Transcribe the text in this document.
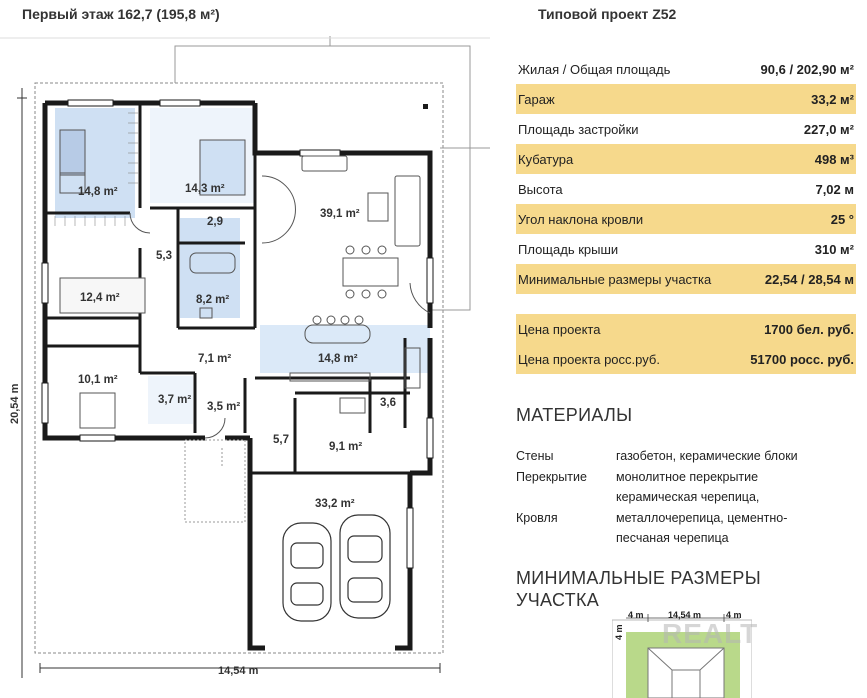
Первый этаж 162,7 (195,8 м²)
14,8 m²	14,3 m²
2,9
5,3
39,1 m²
12,4 m²	8,2 m²
14,8 m²
7,1 m²
10,1 m²
3,7 m²
3,5 m²	3,6
5,7
9,1 m²
33,2 m²
20,54 m
14,54 m
Типовой проект Z52
Жилая / Общая площадь	90,6 / 202,90 м²
Гараж	33,2 м²
Площадь застройки	227,0 м²
Кубатура	498 м³
Высота	7,02 м
Угол наклона кровли	25 °
Площадь крыши	310 м²
Минимальные размеры участка	22,54 / 28,54 м
Цена проекта	1700 бел. руб.
Цена проекта росс.руб.	51700 росс. руб.
МАТЕРИАЛЫ
Стены	газобетон, керамические блоки
Перекрытие	монолитное перекрытие
керамическая черепица,
Кровля	металлочерепица, цементно-
песчаная черепица
МИНИМАЛЬНЫЕ РАЗМЕРЫ УЧАСТКА
4 m	14,54 m	4 m
4 m REALT
